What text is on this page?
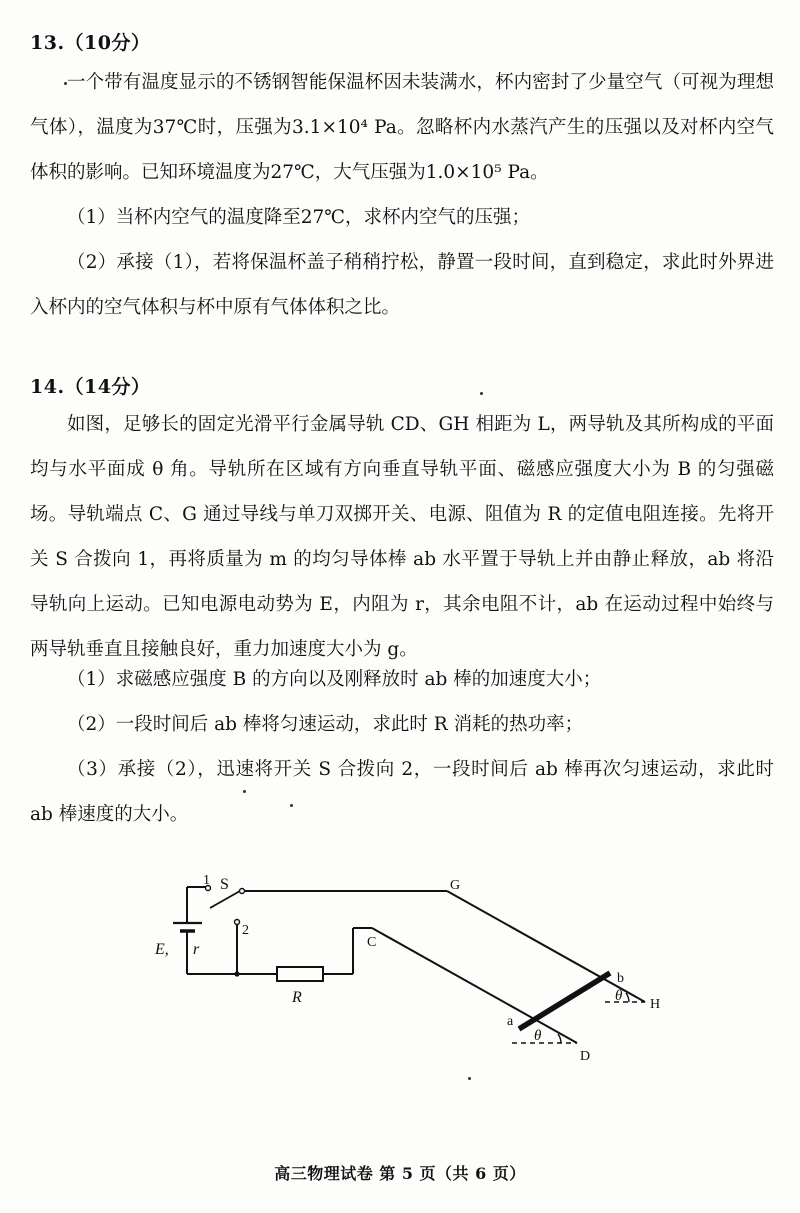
13.（10分）

一个带有温度显示的不锈钢智能保温杯因未装满水，杯内密封了少量空气（可视为理想气体），温度为37℃时，压强为3.1×10⁴ Pa。忽略杯内水蒸汽产生的压强以及对杯内空气体积的影响。已知环境温度为27℃，大气压强为1.0×10⁵ Pa。

（1）当杯内空气的温度降至27℃，求杯内空气的压强；

（2）承接（1），若将保温杯盖子稍稍拧松，静置一段时间，直到稳定，求此时外界进入杯内的空气体积与杯中原有气体体积之比。

14.（14分）

如图，足够长的固定光滑平行金属导轨 CD、GH 相距为 L，两导轨及其所构成的平面均与水平面成 θ 角。导轨所在区域有方向垂直导轨平面、磁感应强度大小为 B 的匀强磁场。导轨端点 C、G 通过导线与单刀双掷开关、电源、阻值为 R 的定值电阻连接。先将开关 S 合拨向 1，再将质量为 m 的均匀导体棒 ab 水平置于导轨上并由静止释放，ab 将沿导轨向上运动。已知电源电动势为 E，内阻为 r，其余电阻不计，ab 在运动过程中始终与两导轨垂直且接触良好，重力加速度大小为 g。

（1）求磁感应强度 B 的方向以及刚释放时 ab 棒的加速度大小；

（2）一段时间后 ab 棒将匀速运动，求此时 R 消耗的热功率；

（3）承接（2），迅速将开关 S 合拨向 2，一段时间后 ab 棒再次匀速运动，求此时 ab 棒速度的大小。

1 S
2
G
C
E, r
R
a
b
H
D
θ
θ
高三物理试卷 第 5 页（共 6 页）
